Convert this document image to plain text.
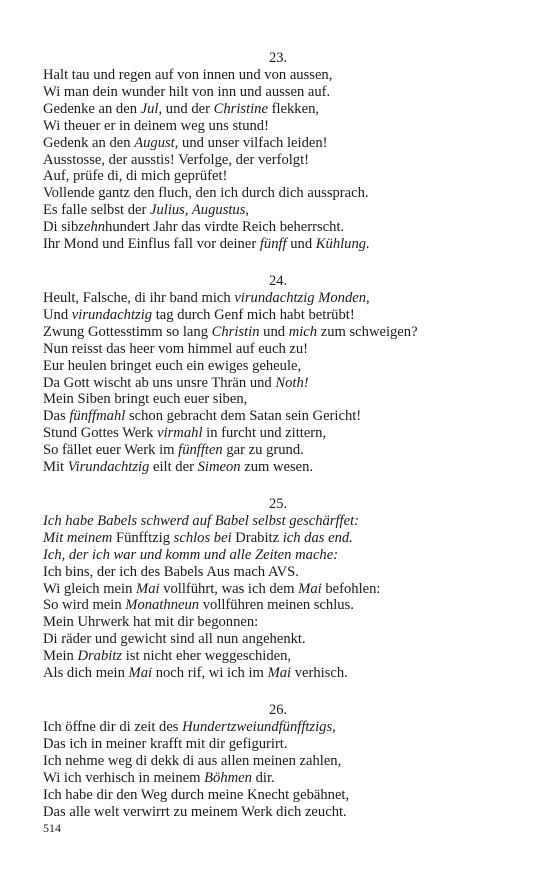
23.
Halt tau und regen auf von innen und von aussen,
Wi man dein wunder hilt von inn und aussen auf.
Gedenke an den Jul, und der Christine flekken,
Wi theuer er in deinem weg uns stund!
Gedenk an den August, und unser vilfach leiden!
Ausstosse, der ausstis! Verfolge, der verfolgt!
Auf, prüfe di, di mich geprüfet!
Vollende gantz den fluch, den ich durch dich aussprach.
Es falle selbst der Julius, Augustus,
Di sibzehnhundert Jahr das virdte Reich beherrscht.
Ihr Mond und Einflus fall vor deiner fünff und Kühlung.
24.
Heult, Falsche, di ihr band mich virundachtzig Monden,
Und virundachtzig tag durch Genf mich habt betrübt!
Zwung Gottesstimm so lang Christin und mich zum schweigen?
Nun reisst das heer vom himmel auf euch zu!
Eur heulen bringet euch ein ewiges geheule,
Da Gott wischt ab uns unsre Thrän und Noth!
Mein Siben bringt euch euer siben,
Das fünffmahl schon gebracht dem Satan sein Gericht!
Stund Gottes Werk virmahl in furcht und zittern,
So fället euer Werk im fünfften gar zu grund.
Mit Virundachtzig eilt der Simeon zum wesen.
25.
Ich habe Babels schwerd auf Babel selbst geschärffet:
Mit meinem Fünfftzig schlos bei Drabitz ich das end.
Ich, der ich war und komm und alle Zeiten mache:
Ich bins, der ich des Babels Aus mach AVS.
Wi gleich mein Mai vollführt, was ich dem Mai befohlen:
So wird mein Monathneun vollführen meinen schlus.
Mein Uhrwerk hat mit dir begonnen:
Di räder und gewicht sind all nun angehenkt.
Mein Drabitz ist nicht eher weggeschiden,
Als dich mein Mai noch rif, wi ich im Mai verhisch.
26.
Ich öffne dir di zeit des Hundertzweiundfünfftzigs,
Das ich in meiner krafft mit dir gefigurirt.
Ich nehme weg di dekk di aus allen meinen zahlen,
Wi ich verhisch in meinem Böhmen dir.
Ich habe dir den Weg durch meine Knecht gebähnet,
Das alle welt verwirrt zu meinem Werk dich zeucht.
514
